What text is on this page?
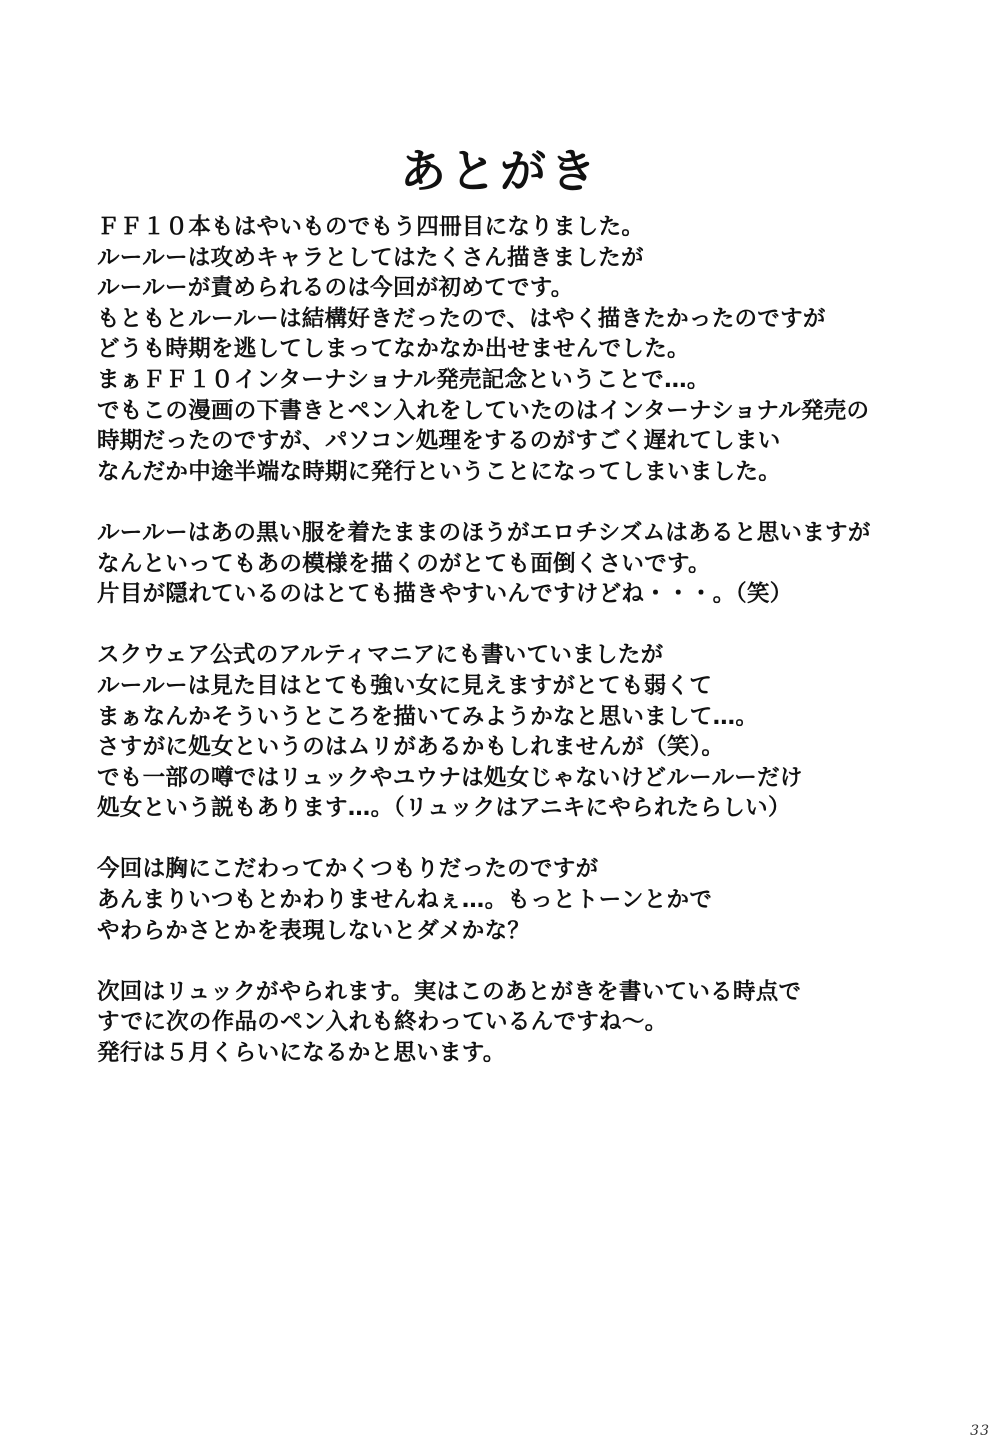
あとがき
ＦＦ１０本もはやいものでもう四冊目になりました。
ルールーは攻めキャラとしてはたくさん描きましたが
ルールーが責められるのは今回が初めてです。
もともとルールーは結構好きだったので、はやく描きたかったのですが
どうも時期を逃してしまってなかなか出せませんでした。
まぁＦＦ１０インターナショナル発売記念ということで…。
でもこの漫画の下書きとペン入れをしていたのはインターナショナル発売の
時期だったのですが、パソコン処理をするのがすごく遅れてしまい
なんだか中途半端な時期に発行ということになってしまいました。
ルールーはあの黒い服を着たままのほうがエロチシズムはあると思いますが
なんといってもあの模様を描くのがとても面倒くさいです。
片目が隠れているのはとても描きやすいんですけどね・・・。（笑）
スクウェア公式のアルティマニアにも書いていましたが
ルールーは見た目はとても強い女に見えますがとても弱くて
まぁなんかそういうところを描いてみようかなと思いまして…。
さすがに処女というのはムリがあるかもしれませんが（笑）。
でも一部の噂ではリュックやユウナは処女じゃないけどルールーだけ
処女という説もあります…。（リュックはアニキにやられたらしい）
今回は胸にこだわってかくつもりだったのですが
あんまりいつもとかわりませんねぇ…。もっとトーンとかで
やわらかさとかを表現しないとダメかな？
次回はリュックがやられます。実はこのあとがきを書いている時点で
すでに次の作品のペン入れも終わっているんですね～。
発行は５月くらいになるかと思います。
33
